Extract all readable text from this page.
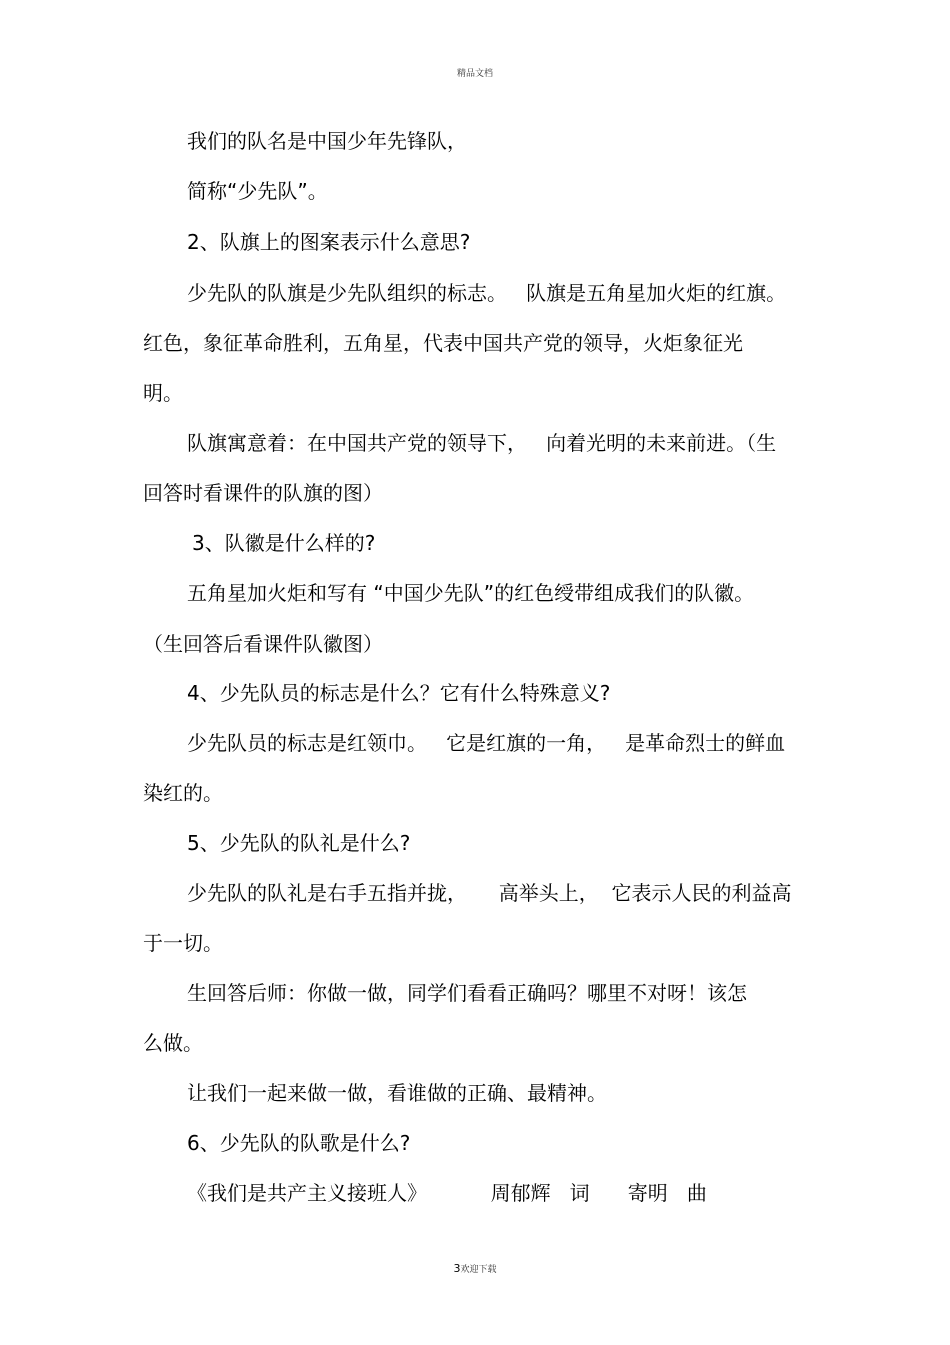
精品文档
我们的队名是中国少年先锋队，
简称“少先队”。
2、队旗上的图案表示什么意思?
少先队的队旗是少先队组织的标志。   队旗是五角星加火炬的红旗。
红色，象征革命胜利，五角星，代表中国共产党的领导，火炬象征光
明。
队旗寓意着：在中国共产党的领导下，   向着光明的未来前进。（生
回答时看课件的队旗的图）
3、队徽是什么样的?
五角星加火炬和写有 “中国少先队”的红色绶带组成我们的队徽。
（生回答后看课件队徽图）
4、少先队员的标志是什么？它有什么特殊意义?
少先队员的标志是红领巾。   它是红旗的一角，   是革命烈士的鲜血
染红的。
5、少先队的队礼是什么?
少先队的队礼是右手五指并拢，     高举头上，  它表示人民的利益高
于一切。
生回答后师：你做一做，同学们看看正确吗？哪里不对呀！该怎
么做。
让我们一起来做一做，看谁做的正确、最精神。
6、少先队的队歌是什么?
《我们是共产主义接班人》          周郁辉   词      寄明   曲
3欢迎下载
